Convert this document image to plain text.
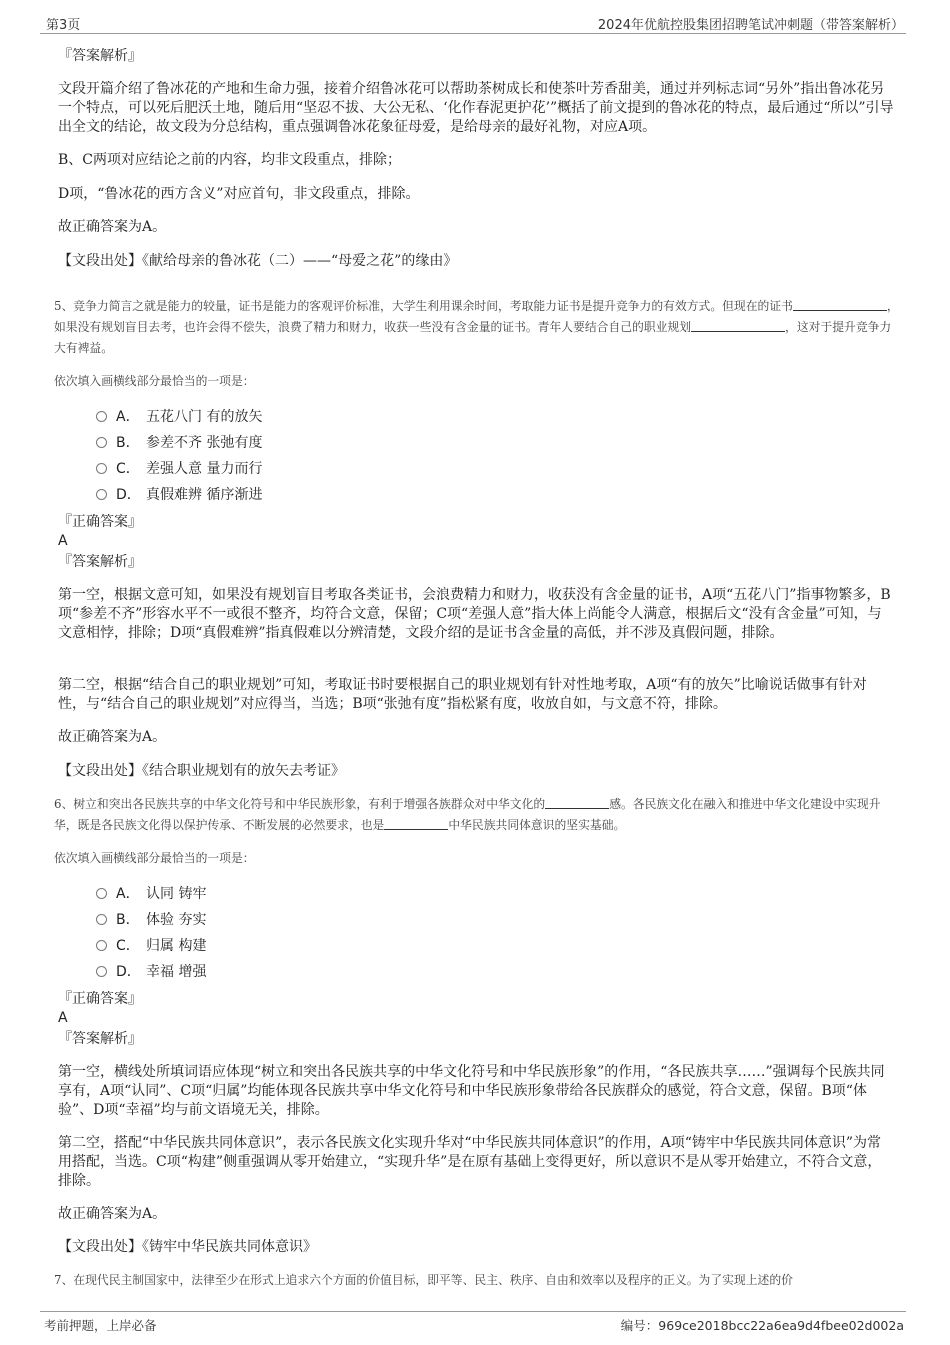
第3页	2024年优航控股集团招聘笔试冲刺题（带答案解析）
『答案解析』
文段开篇介绍了鲁冰花的产地和生命力强，接着介绍鲁冰花可以帮助茶树成长和使茶叶芳香甜美，通过并列标志词“另外”指出鲁冰花另一个特点，可以死后肥沃土地，随后用“坚忍不拔、大公无私、‘化作春泥更护花’”概括了前文提到的鲁冰花的特点，最后通过“所以”引导出全文的结论，故文段为分总结构，重点强调鲁冰花象征母爱，是给母亲的最好礼物，对应A项。
B、C两项对应结论之前的内容，均非文段重点，排除；
D项，“鲁冰花的西方含义”对应首句，非文段重点，排除。
故正确答案为A。
【文段出处】《献给母亲的鲁冰花（二）——“母爱之花”的缘由》
5、竞争力简言之就是能力的较量，证书是能力的客观评价标准，大学生利用课余时间，考取能力证书是提升竞争力的有效方式。但现在的证书	，如果没有规划盲目去考，也许会得不偿失，浪费了精力和财力，收获一些没有含金量的证书。青年人要结合自己的职业规划	，这对于提升竞争力大有裨益。
依次填入画横线部分最恰当的一项是：
A． 五花八门 有的放矢
B． 参差不齐 张弛有度
C． 差强人意 量力而行
D． 真假难辨 循序渐进
『正确答案』
A
『答案解析』
第一空，根据文意可知，如果没有规划盲目考取各类证书，会浪费精力和财力，收获没有含金量的证书，A项“五花八门”指事物繁多，B项“参差不齐”形容水平不一或很不整齐，均符合文意，保留；C项“差强人意”指大体上尚能令人满意，根据后文“没有含金量”可知，与文意相悖，排除；D项“真假难辨”指真假难以分辨清楚，文段介绍的是证书含金量的高低，并不涉及真假问题，排除。
第二空，根据“结合自己的职业规划”可知，考取证书时要根据自己的职业规划有针对性地考取，A项“有的放矢”比喻说话做事有针对性，与“结合自己的职业规划”对应得当，当选；B项“张弛有度”指松紧有度，收放自如，与文意不符，排除。
故正确答案为A。
【文段出处】《结合职业规划有的放矢去考证》
6、树立和突出各民族共享的中华文化符号和中华民族形象，有利于增强各族群众对中华文化的	感。各民族文化在融入和推进中华文化建设中实现升华，既是各民族文化得以保护传承、不断发展的必然要求，也是	中华民族共同体意识的坚实基础。
依次填入画横线部分最恰当的一项是：
A． 认同 铸牢
B． 体验 夯实
C． 归属 构建
D． 幸福 增强
『正确答案』
A
『答案解析』
第一空，横线处所填词语应体现“树立和突出各民族共享的中华文化符号和中华民族形象”的作用，“各民族共享……”强调每个民族共同享有，A项“认同”、C项“归属”均能体现各民族共享中华文化符号和中华民族形象带给各民族群众的感觉，符合文意，保留。B项“体验”、D项“幸福”均与前文语境无关，排除。
第二空，搭配“中华民族共同体意识”，表示各民族文化实现升华对“中华民族共同体意识”的作用，A项“铸牢中华民族共同体意识”为常用搭配，当选。C项“构建”侧重强调从零开始建立，“实现升华”是在原有基础上变得更好，所以意识不是从零开始建立，不符合文意，排除。
故正确答案为A。
【文段出处】《铸牢中华民族共同体意识》
7、在现代民主制国家中，法律至少在形式上追求六个方面的价值目标，即平等、民主、秩序、自由和效率以及程序的正义。为了实现上述的价
考前押题，上岸必备	编号：969ce2018bcc22a6ea9d4fbee02d002a
